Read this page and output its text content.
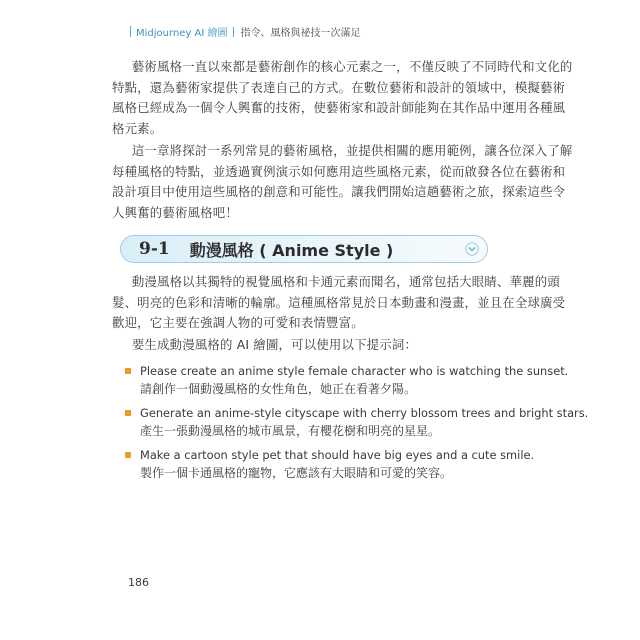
Midjourney AI 繪圖 指令、風格與祕技一次滿足

藝術風格一直以來都是藝術創作的核心元素之一，不僅反映了不同時代和文化的

特點，還為藝術家提供了表達自己的方式。在數位藝術和設計的領域中，模擬藝術

風格已經成為一個令人興奮的技術，使藝術家和設計師能夠在其作品中運用各種風

格元素。

這一章將探討一系列常見的藝術風格，並提供相關的應用範例，讓各位深入了解

每種風格的特點，並透過實例演示如何應用這些風格元素，從而啟發各位在藝術和

設計項目中使用這些風格的創意和可能性。讓我們開始這趟藝術之旅，探索這些令

人興奮的藝術風格吧！

9-1 動漫風格 ( Anime Style )

動漫風格以其獨特的視覺風格和卡通元素而聞名，通常包括大眼睛、華麗的頭

髮、明亮的色彩和清晰的輪廓。這種風格常見於日本動畫和漫畫，並且在全球廣受

歡迎，它主要在強調人物的可愛和表情豐富。

要生成動漫風格的 AI 繪圖，可以使用以下提示詞：

Please create an anime style female character who is watching the sunset.
請創作一個動漫風格的女性角色，她正在看著夕陽。
Generate an anime-style cityscape with cherry blossom trees and bright stars.
產生一張動漫風格的城市風景，有櫻花樹和明亮的星星。
Make a cartoon style pet that should have big eyes and a cute smile.
製作一個卡通風格的寵物，它應該有大眼睛和可愛的笑容。
186
